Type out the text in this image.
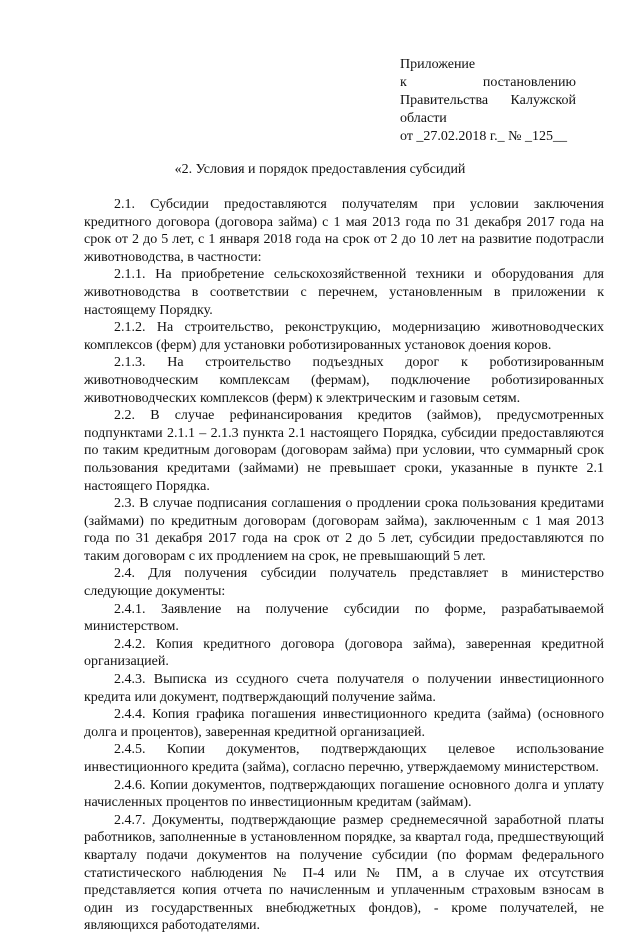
Приложение
к постановлению
Правительства Калужской
области
от _27.02.2018 г._ № _125__
«2. Условия и порядок предоставления субсидий

2.1. Субсидии предоставляются получателям при условии заключения кредитного договора (договора займа) с 1 мая 2013 года по 31 декабря 2017 года на срок от 2 до 5 лет, с 1 января 2018 года на срок от 2 до 10 лет на развитие подотрасли животноводства, в частности:

2.1.1. На приобретение сельскохозяйственной техники и оборудования для животноводства в соответствии с перечнем, установленным в приложении к настоящему Порядку.

2.1.2. На строительство, реконструкцию, модернизацию животноводческих комплексов (ферм) для установки роботизированных установок доения коров.

2.1.3. На строительство подъездных дорог к роботизированным животноводческим комплексам (фермам), подключение роботизированных животноводческих комплексов (ферм) к электрическим и газовым сетям.

2.2. В случае рефинансирования кредитов (займов), предусмотренных подпунктами 2.1.1 – 2.1.3 пункта 2.1 настоящего Порядка, субсидии предоставляются по таким кредитным договорам (договорам займа) при условии, что суммарный срок пользования кредитами (займами) не превышает сроки, указанные в пункте 2.1 настоящего Порядка.

2.3. В случае подписания соглашения о продлении срока пользования кредитами (займами) по кредитным договорам (договорам займа), заключенным с 1 мая 2013 года по 31 декабря 2017 года на срок от 2 до 5 лет, субсидии предоставляются по таким договорам с их продлением на срок, не превышающий 5 лет.

2.4. Для получения субсидии получатель представляет в министерство следующие документы:

2.4.1. Заявление на получение субсидии по форме, разрабатываемой министерством.

2.4.2. Копия кредитного договора (договора займа), заверенная кредитной организацией.

2.4.3. Выписка из ссудного счета получателя о получении инвестиционного кредита или документ, подтверждающий получение займа.

2.4.4. Копия графика погашения инвестиционного кредита (займа) (основного долга и процентов), заверенная кредитной организацией.

2.4.5. Копии документов, подтверждающих целевое использование инвестиционного кредита (займа), согласно перечню, утверждаемому министерством.

2.4.6. Копии документов, подтверждающих погашение основного долга и уплату начисленных процентов по инвестиционным кредитам (займам).

2.4.7. Документы, подтверждающие размер среднемесячной заработной платы работников, заполненные в установленном порядке, за квартал года, предшествующий кварталу подачи документов на получение субсидии (по формам федерального статистического наблюдения № П-4 или № ПМ, а в случае их отсутствия представляется копия отчета по начисленным и уплаченным страховым взносам в один из государственных внебюджетных фондов), - кроме получателей, не являющихся работодателями.
